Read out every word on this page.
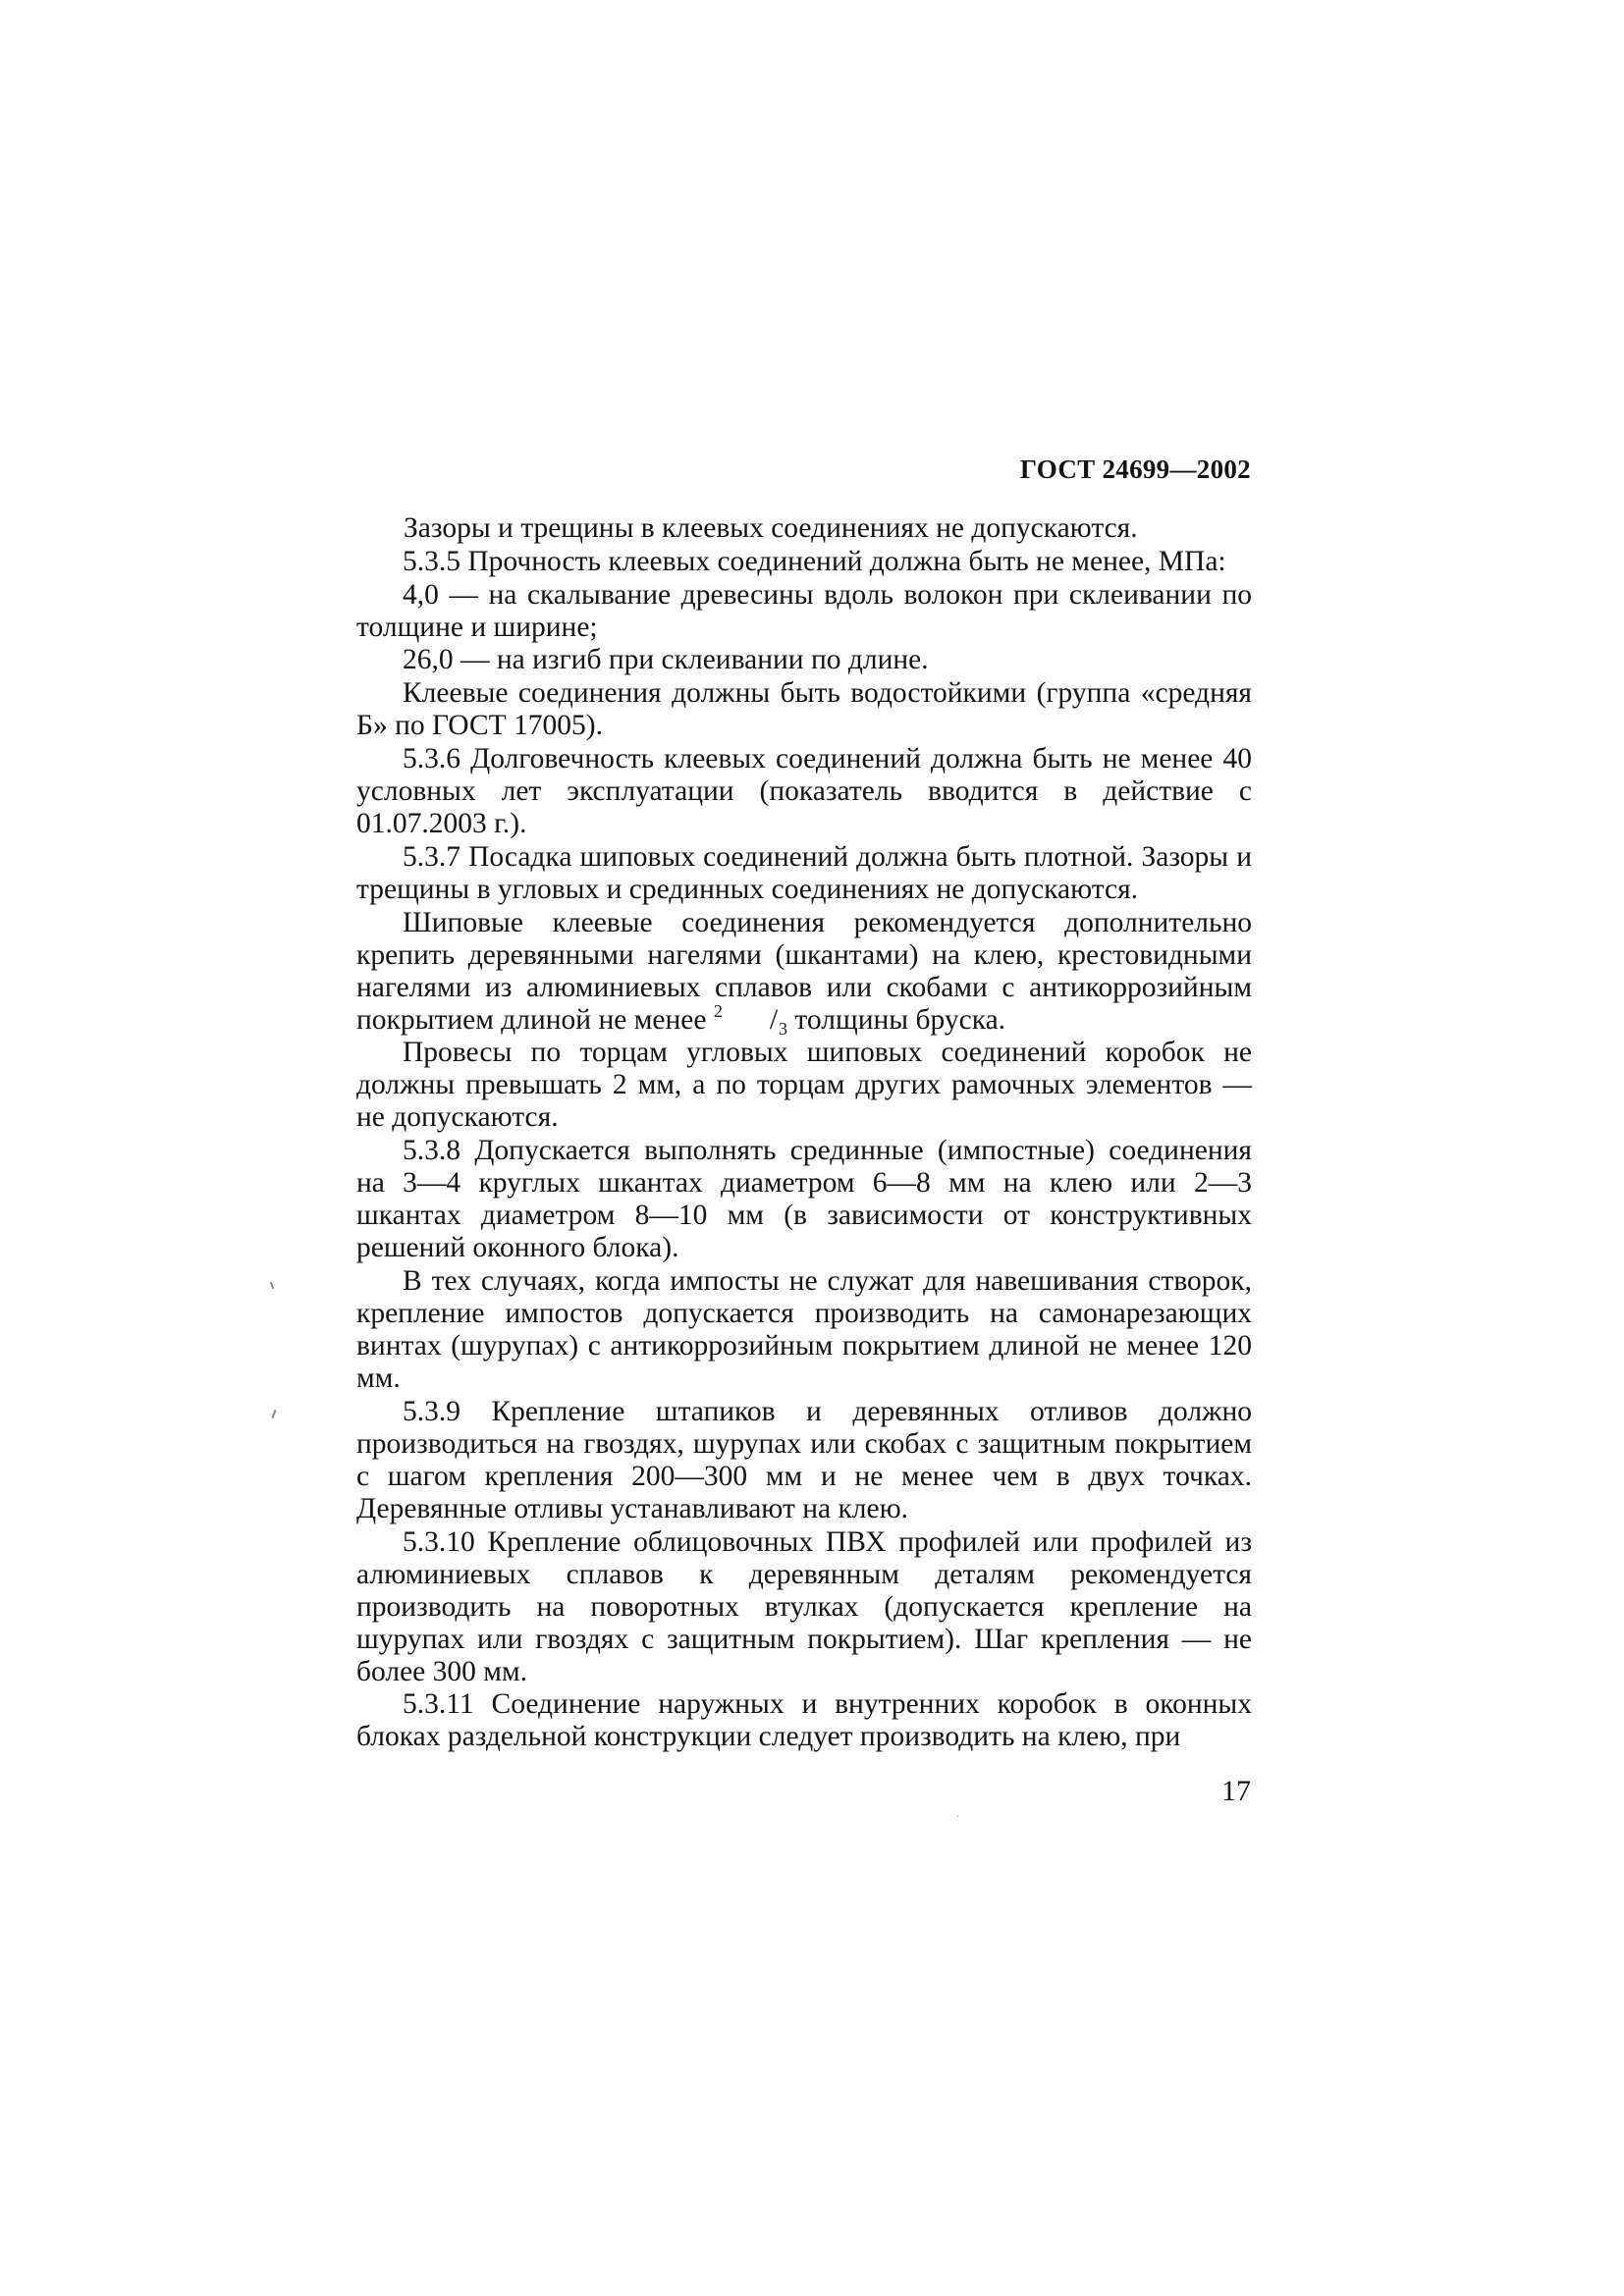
ГОСТ 24699—2002

Зазоры и трещины в клеевых соединениях не допускаются.

5.3.5 Прочность клеевых соединений должна быть не менее, МПа:

4,0 — на скалывание древесины вдоль волокон при склеивании по толщине и ширине;

26,0 — на изгиб при склеивании по длине.

Клеевые соединения должны быть водостойкими (группа «средняя Б» по ГОСТ 17005).

5.3.6 Долговечность клеевых соединений должна быть не менее 40 условных лет эксплуатации (показатель вводится в действие с 01.07.2003 г.).

5.3.7 Посадка шиповых соединений должна быть плотной. Зазоры и трещины в угловых и срединных соединениях не допускаются.

Шиповые клеевые соединения рекомендуется дополнительно крепить деревянными нагелями (шкантами) на клею, крестовидными нагелями из алюминиевых сплавов или скобами с антикоррозийным покрытием длиной не менее $^2$ $/_3$ толщины бруска.

Провесы по торцам угловых шиповых соединений коробок не должны превышать 2 мм, а по торцам других рамочных элементов — не допускаются.

5.3.8 Допускается выполнять срединные (импостные) соединения на 3—4 круглых шкантах диаметром 6—8 мм на клею или 2—3 шкантах диаметром 8—10 мм (в зависимости от конструктивных решений оконного блока).

В тех случаях, когда импосты не служат для навешивания створок, крепление импостов допускается производить на самонарезающих винтах (шурупах) с антикоррозийным покрытием длиной не менее 120 мм.

5.3.9 Крепление штапиков и деревянных отливов должно производиться на гвоздях, шурупах или скобах с защитным покрытием с шагом крепления 200—300 мм и не менее чем в двух точках. Деревянные отливы устанавливают на клею.

5.3.10 Крепление облицовочных ПВХ профилей или профилей из алюминиевых сплавов к деревянным деталям рекомендуется производить на поворотных втулках (допускается крепление на шурупах или гвоздях с защитным покрытием). Шаг крепления — не более 300 мм.

5.3.11 Соединение наружных и внутренних коробок в оконных блоках раздельной конструкции следует производить на клею, при

17
